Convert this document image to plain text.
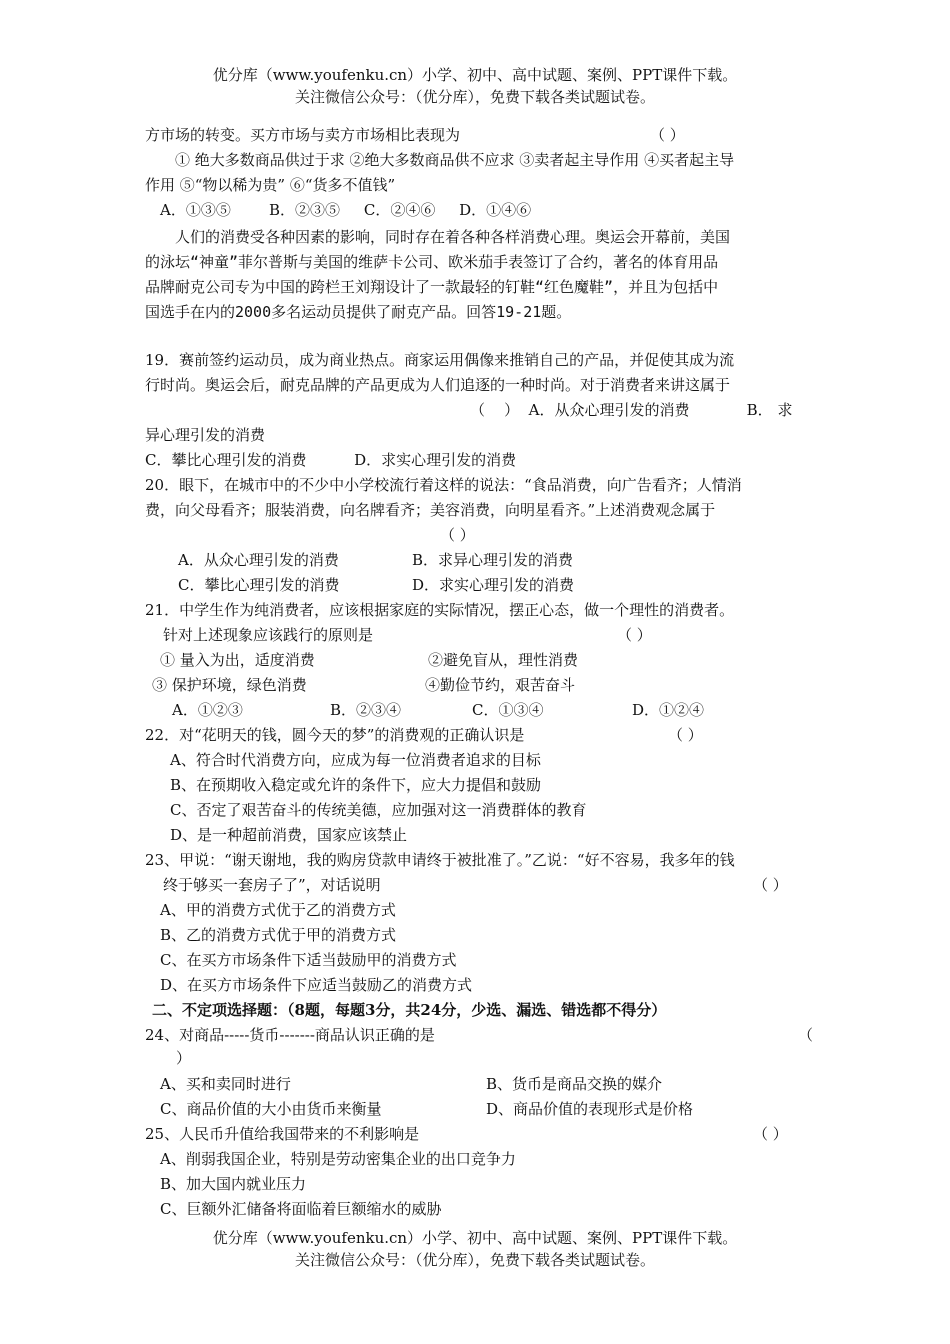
优分库（www.youfenku.cn）小学、初中、高中试题、案例、PPT课件下载。
关注微信公众号：（优分库），免费下载各类试题试卷。
方市场的转变。买方市场与卖方市场相比表现为	（ ）
① 绝大多数商品供过于求 ②绝大多数商品供不应求 ③卖者起主导作用 ④买者起主导
作用 ⑤“物以稀为贵” ⑥“货多不值钱”
A．①③⑤        B．②③⑤     C．②④⑥     D．①④⑥
人们的消费受各种因素的影响，同时存在着各种各样消费心理。奥运会开幕前，美国
的泳坛“神童”菲尔普斯与美国的维萨卡公司、欧米茄手表签订了合约，著名的体育用品
品牌耐克公司专为中国的跨栏王刘翔设计了一款最轻的钉鞋“红色魔鞋”，并且为包括中
国选手在内的2000多名运动员提供了耐克产品。回答19-21题。
19．赛前签约运动员，成为商业热点。商家运用偶像来推销自己的产品，并促使其成为流
行时尚。奥运会后，耐克品牌的产品更成为人们追逐的一种时尚。对于消费者来讲这属于
（    ）  A．从众心理引发的消费            B． 求
异心理引发的消费
C．攀比心理引发的消费          D．求实心理引发的消费
20．眼下，在城市中的不少中小学校流行着这样的说法：“食品消费，向广告看齐；人情消
费，向父母看齐；服装消费，向名牌看齐；美容消费，向明星看齐。”上述消费观念属于
（ ）
A．从众心理引发的消费	B．求异心理引发的消费
C．攀比心理引发的消费	D．求实心理引发的消费
21．中学生作为纯消费者，应该根据家庭的实际情况，摆正心态，做一个理性的消费者。
针对上述现象应该践行的原则是	（ ）
① 量入为出，适度消费	②避免盲从，理性消费
③ 保护环境，绿色消费	④勤俭节约，艰苦奋斗
A．①②③	B．②③④	C．①③④	D．①②④
22．对“花明天的钱，圆今天的梦”的消费观的正确认识是	（ ）
A、符合时代消费方向，应成为每一位消费者追求的目标
B、在预期收入稳定或允许的条件下，应大力提倡和鼓励
C、否定了艰苦奋斗的传统美德，应加强对这一消费群体的教育
D、是一种超前消费，国家应该禁止
23、甲说：“谢天谢地，我的购房贷款申请终于被批准了。”乙说：“好不容易，我多年的钱
终于够买一套房子了”，对话说明	（ ）
A、甲的消费方式优于乙的消费方式
B、乙的消费方式优于甲的消费方式
C、在买方市场条件下适当鼓励甲的消费方式
D、在买方市场条件下应适当鼓励乙的消费方式
二、不定项选择题：（8题，每题3分，共24分，少选、漏选、错选都不得分）
24、对商品-----货币-------商品认识正确的是	（
）
A、买和卖同时进行	B、货币是商品交换的媒介
C、商品价值的大小由货币来衡量	D、商品价值的表现形式是价格
25、人民币升值给我国带来的不利影响是	（ ）
A、削弱我国企业，特别是劳动密集企业的出口竞争力
B、加大国内就业压力
C、巨额外汇储备将面临着巨额缩水的威胁
优分库（www.youfenku.cn）小学、初中、高中试题、案例、PPT课件下载。
关注微信公众号：（优分库），免费下载各类试题试卷。
